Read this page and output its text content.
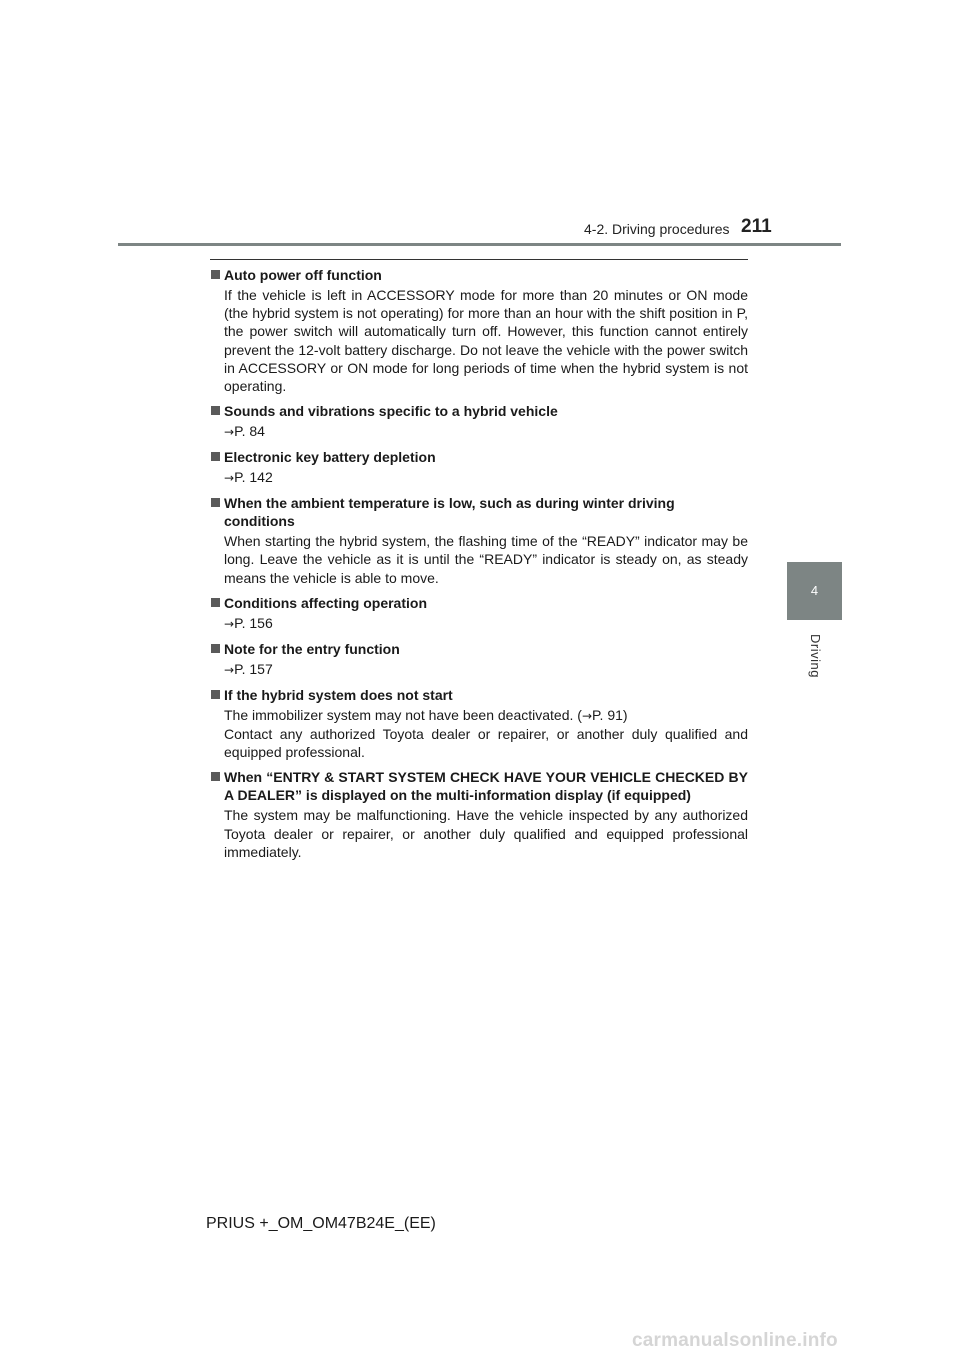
4-2. Driving procedures 211
4
Driving
Auto power off function
If the vehicle is left in ACCESSORY mode for more than 20 minutes or ON mode (the hybrid system is not operating) for more than an hour with the shift position in P, the power switch will automatically turn off. However, this function cannot entirely prevent the 12-volt battery discharge. Do not leave the vehicle with the power switch in ACCESSORY or ON mode for long periods of time when the hybrid system is not operating.
Sounds and vibrations specific to a hybrid vehicle
→P. 84
Electronic key battery depletion
→P. 142
When the ambient temperature is low, such as during winter driving conditions
When starting the hybrid system, the flashing time of the “READY” indicator may be long. Leave the vehicle as it is until the “READY” indicator is steady on, as steady means the vehicle is able to move.
Conditions affecting operation
→P. 156
Note for the entry function
→P. 157
If the hybrid system does not start
The immobilizer system may not have been deactivated. (→P. 91)
Contact any authorized Toyota dealer or repairer, or another duly qualified and equipped professional.
When “ENTRY & START SYSTEM CHECK HAVE YOUR VEHICLE CHECKED BY A DEALER” is displayed on the multi-information display (if equipped)
The system may be malfunctioning. Have the vehicle inspected by any authorized Toyota dealer or repairer, or another duly qualified and equipped professional immediately.
PRIUS +_OM_OM47B24E_(EE)
carmanualsonline.info
